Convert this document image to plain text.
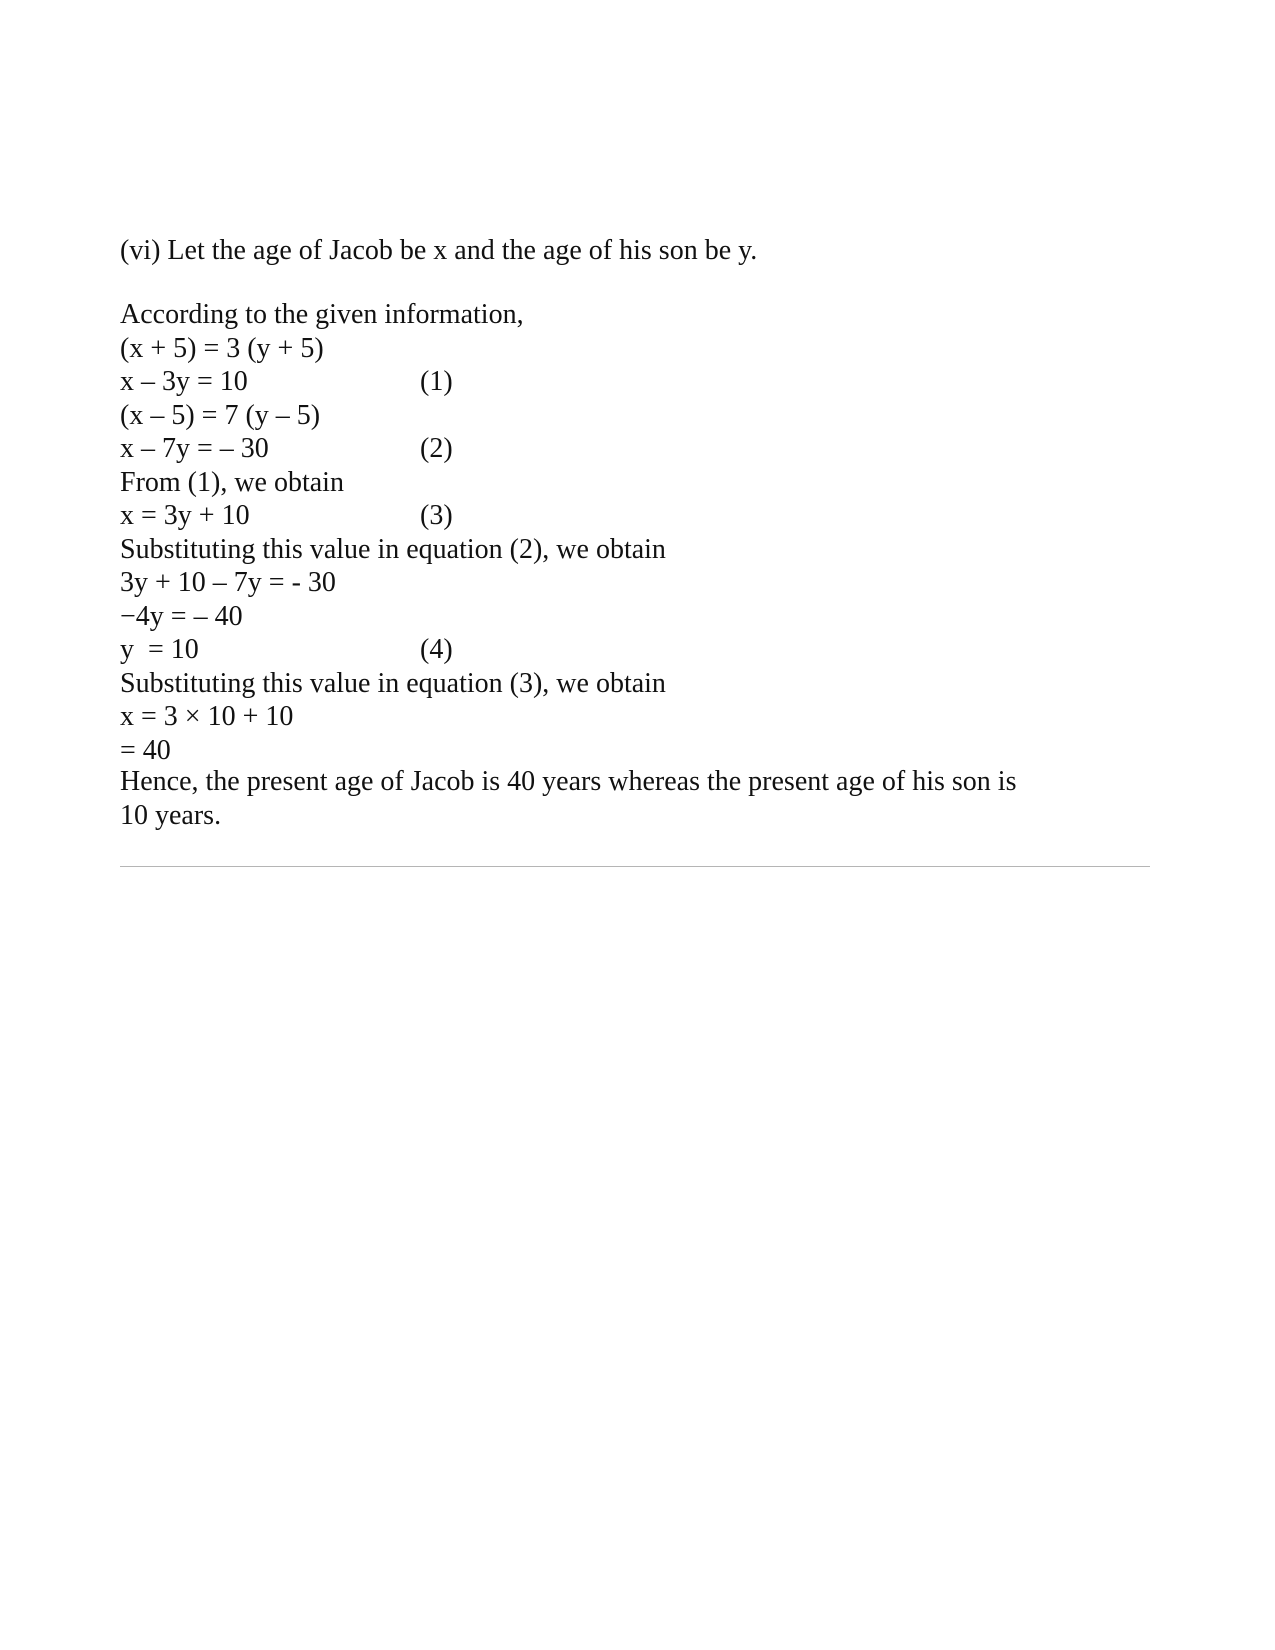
(vi) Let the age of Jacob be x and the age of his son be y.
According to the given information,
(x + 5) = 3 (y + 5)
x – 3y = 10	(1)
(x – 5) = 7 (y – 5)
x – 7y = – 30	(2)
From (1), we obtain
x = 3y + 10	(3)
Substituting this value in equation (2), we obtain
3y + 10 – 7y = - 30
−4y = – 40
y  = 10	(4)
Substituting this value in equation (3), we obtain
x = 3 × 10 + 10
= 40
Hence, the present age of Jacob is 40 years whereas the present age of his son is 10 years.
